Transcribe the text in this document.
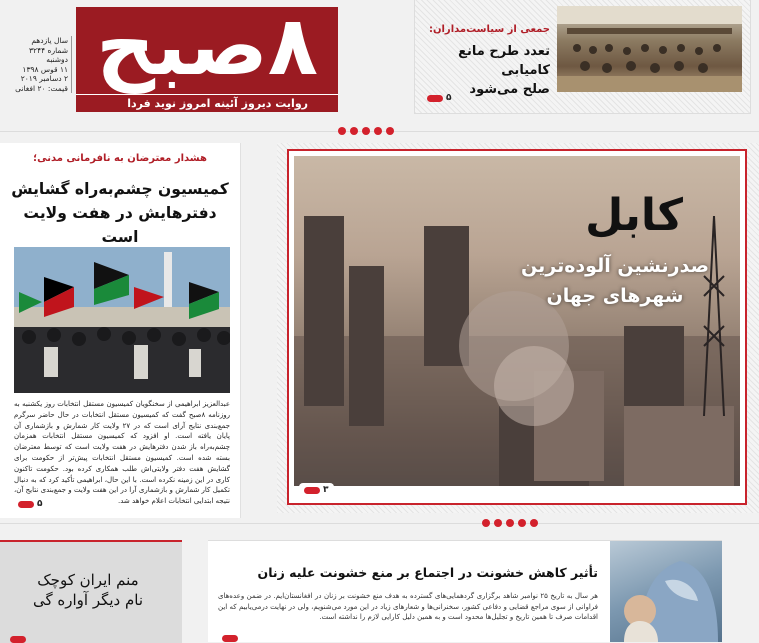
۸صبح
روایت دیروز آئینه امروز نوید فردا
سال یازدهم
شماره ۳۲۴۴
دوشنبه
۱۱ قوس ۱۳۹۸
۲ دسامبر ۲۰۱۹
قیمت: ۲۰ افغانی
جمعی از سیاست‌مداران:
تعدد طرح مانع کامیابی
صلح می‌شود
۵
هشدار معترضان به نافرمانی مدنی؛
کمیسیون چشم‌به‌راه گشایش
دفترهایش در هفت ولایت است
عبدالعزیز ابراهیمی از سخنگویان کمیسیون مستقل انتخابات روز یکشنبه به روزنامه ۸صبح گفت که کمیسیون مستقل انتخابات در حال حاضر سرگرم جمع‌بندی نتایج آرای است که در ۲۷ ولایت کار شمارش و بازشماری آن پایان یافته است. او افزود که کمیسیون مستقل انتخابات همزمان چشم‌به‌راه باز شدن دفترهایش در هفت ولایت است که توسط معترضان بسته شده است. کمیسیون مستقل انتخابات پیش‌تر از حکومت برای گشایش هفت دفتر ولایتی‌اش طلب همکاری کرده بود. حکومت تاکنون کاری در این زمینه نکرده است. با این حال، ابراهیمی تأکید کرد که به دنبال تکمیل کار شمارش و بازشماری آرا در این هفت ولایت و جمع‌بندی نتایج آن، نتیجه ابتدایی انتخابات اعلام خواهد شد.
۵
کابل
صدرنشین آلوده‌ترین
شهرهای جهان
۳
منم ایران کوچک
نام دیگر آواره گی
تأثیر کاهش خشونت در اجتماع بر منع خشونت علیه زنان
هر سال به تاریخ ۲۵ نوامبر شاهد برگزاری گردهمایی‌های گسترده به هدف منع خشونت بر زنان در افغانستان‌ایم. در ضمن وعده‌های فراوانی از سوی مراجع قضایی و دفاعی کشور، سخنرانی‌ها و شعارهای زیاد در این مورد می‌شنویم، ولی در نهایت درمی‌یابیم که این اقدامات صرف تا همین تاریخ و تجلیل‌ها محدود است و به همین دلیل کارایی لازم را نداشته است.
